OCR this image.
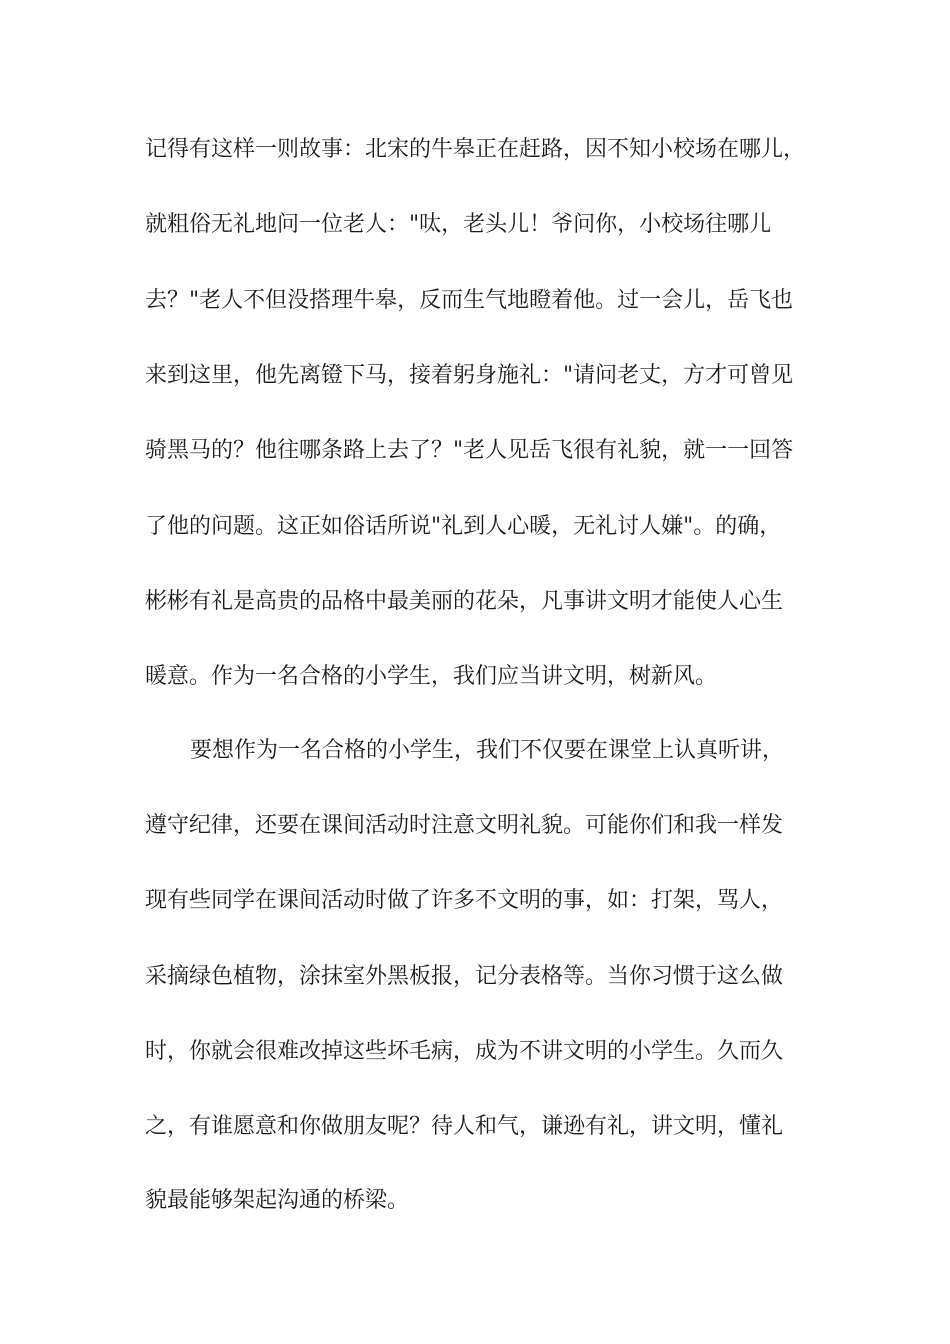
记得有这样一则故事：北宋的牛皋正在赶路，因不知小校场在哪儿，
就粗俗无礼地问一位老人："呔，老头儿！爷问你，小校场往哪儿
去？"老人不但没搭理牛皋，反而生气地瞪着他。过一会儿，岳飞也
来到这里，他先离镫下马，接着躬身施礼："请问老丈，方才可曾见
骑黑马的？他往哪条路上去了？"老人见岳飞很有礼貌，就一一回答
了他的问题。这正如俗话所说"礼到人心暖，无礼讨人嫌"。的确，
彬彬有礼是高贵的品格中最美丽的花朵，凡事讲文明才能使人心生
暖意。作为一名合格的小学生，我们应当讲文明，树新风。
要想作为一名合格的小学生，我们不仅要在课堂上认真听讲，
遵守纪律，还要在课间活动时注意文明礼貌。可能你们和我一样发
现有些同学在课间活动时做了许多不文明的事，如：打架，骂人，
采摘绿色植物，涂抹室外黑板报，记分表格等。当你习惯于这么做
时，你就会很难改掉这些坏毛病，成为不讲文明的小学生。久而久
之，有谁愿意和你做朋友呢？待人和气，谦逊有礼，讲文明，懂礼
貌最能够架起沟通的桥梁。
